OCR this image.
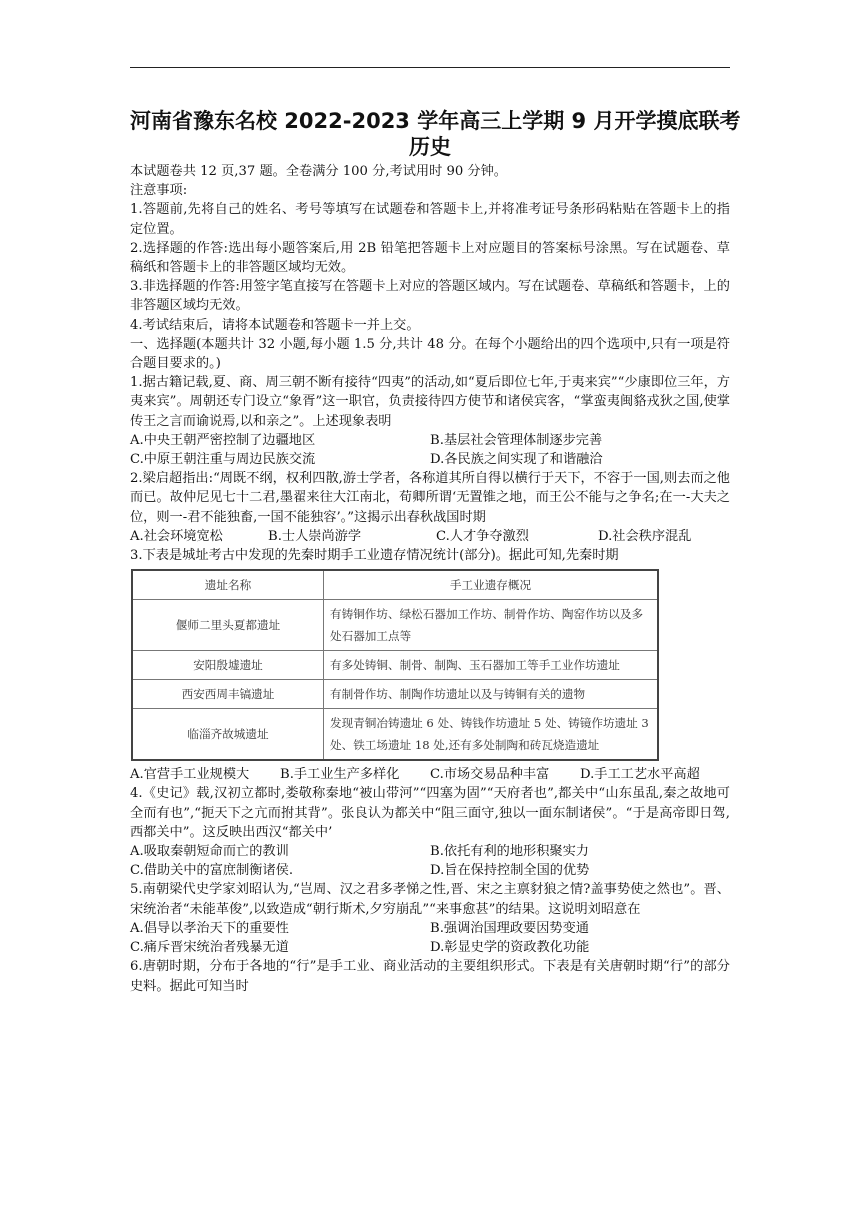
河南省豫东名校 2022-2023 学年高三上学期 9 月开学摸底联考
历史

本试题卷共 12 页,37 题。全卷满分 100 分,考试用时 90 分钟。

注意事项:

1.答题前,先将自己的姓名、考号等填写在试题卷和答题卡上,并将准考证号条形码粘贴在答题卡上的指定位置。

2.选择题的作答:选出每小题答案后,用 2B 铅笔把答题卡上对应题目的答案标号涂黑。写在试题卷、草稿纸和答题卡上的非答题区域均无效。

3.非选择题的作答:用签字笔直接写在答题卡上对应的答题区域内。写在试题卷、草稿纸和答题卡，上的非答题区域均无效。

4.考试结束后，请将本试题卷和答题卡一并上交。

一、选择题(本题共计 32 小题,每小题 1.5 分,共计 48 分。在每个小题给出的四个选项中,只有一项是符合题目要求的。)

1.据古籍记载,夏、商、周三朝不断有接待“四夷”的活动,如“夏后即位七年,于夷来宾”“少康即位三年，方夷来宾”。周朝还专门设立“象胥”这一职官，负责接待四方使节和诸侯宾客，“掌蛮夷闽貉戎狄之国,使掌传王之言而谕说焉,以和亲之”。上述现象表明

A.中央王朝严密控制了边疆地区	B.基层社会管理体制逐步完善
C.中原王朝注重与周边民族交流	D.各民族之间实现了和谐融洽

2.梁启超指出:“周既不纲，权利四散,游士学者，各称道其所自得以横行于天下，不容于一国,则去而之他而已。故仲尼见七十二君,墨翟来往大江南北，荀卿所谓‘无置锥之地，而王公不能与之争名;在一-大夫之位，则一-君不能独畜,一国不能独容’。”这揭示出春秋战国时期

A.社会环境宽松	B.士人崇尚游学	C.人才争夺激烈	D.社会秩序混乱

3.下表是城址考古中发现的先秦时期手工业遗存情况统计(部分)。据此可知,先秦时期

遗址名称	手工业遗存概况
偃师二里头夏都遗址	有铸铜作坊、绿松石器加工作坊、制骨作坊、陶窑作坊以及多处石器加工点等
安阳殷墟遗址	有多处铸铜、制骨、制陶、玉石器加工等手工业作坊遗址
西安西周丰镐遗址	有制骨作坊、制陶作坊遗址以及与铸铜有关的遗物
临淄齐故城遗址	发现青铜冶铸遗址 6 处、铸钱作坊遗址 5 处、铸镜作坊遗址 3 处、铁工场遗址 18 处,还有多处制陶和砖瓦烧造遗址
A.官营手工业规模大	B.手工业生产多样化	C.市场交易品种丰富	D.手工工艺水平高超

4.《史记》载,汉初立都时,娄敬称秦地“被山带河”“四塞为固”“天府者也”,都关中“山东虽乱,秦之故地可全而有也”,“扼天下之亢而拊其背”。张良认为都关中“阻三面守,独以一面东制诸侯”。“于是高帝即日驾,西都关中”。这反映出西汉“都关中’

A.吸取秦朝短命而亡的教训	B.依托有利的地形积聚实力
C.借助关中的富庶制衡诸侯.	D.旨在保持控制全国的优势

5.南朝梁代史学家刘昭认为,“岂周、汉之君多孝悌之性,晋、宋之主禀豺狼之情?盖事势使之然也”。晋、宋统治者“未能革俊”,以致造成“朝行斯术,夕穷崩乱”“来事愈甚”的结果。这说明刘昭意在

A.倡导以孝治天下的重要性	B.强调治国理政要因势变通
C.痛斥晋宋统治者残暴无道	D.彰显史学的资政教化功能

6.唐朝时期，分布于各地的“行”是手工业、商业活动的主要组织形式。下表是有关唐朝时期“行”的部分史料。据此可知当时
